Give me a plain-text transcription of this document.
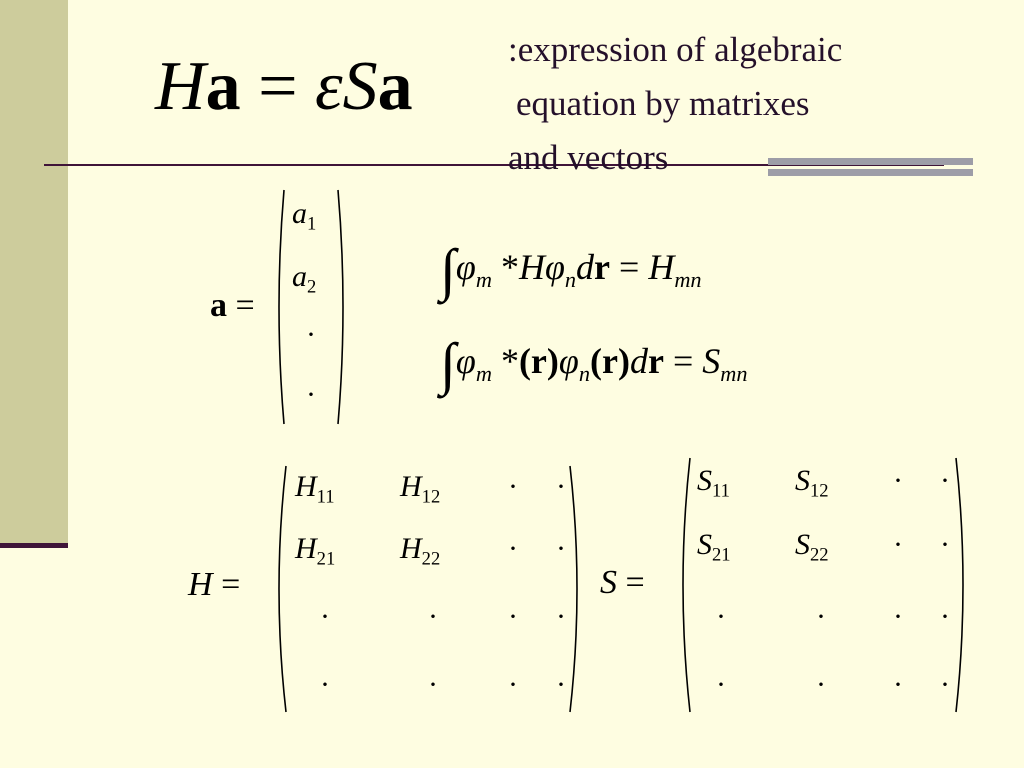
Ha = εSa	:expression of algebraic
equation by matrixes
and vectors
a =
$a_1$
$a_2$
·
·
$\int\varphi_m$ $*H\varphi_ndr = H_{mn}$
$\int\varphi_m$ $*(r)\varphi_n(r)dr = S_{mn}$
H =
$H_{11}$ $H_{12}$ · ·
$H_{21}$ $H_{22}$ · ·
·	· · ·
·	· · ·
S =
$S_{11}$ $S_{12}$ · ·
$S_{21}$ $S_{22}$ · ·
·	· · ·
·	· · ·
